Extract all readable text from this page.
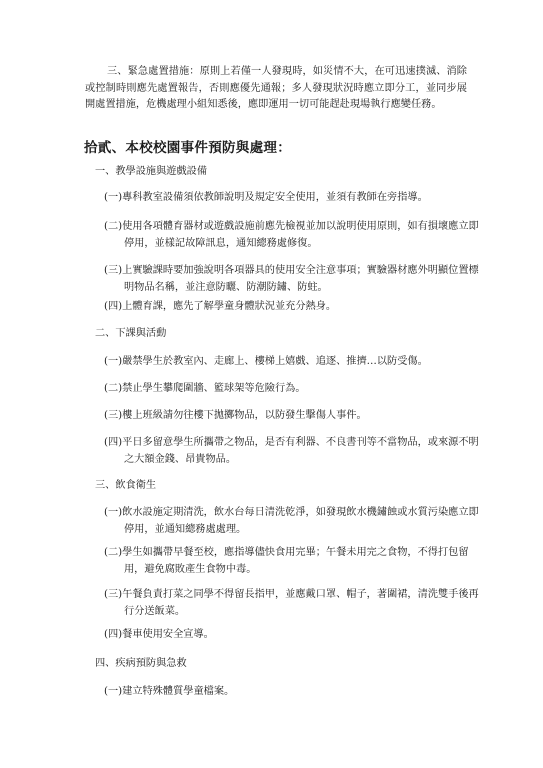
三、緊急處置措施：原則上若僅一人發現時，如災情不大，在可迅速撲滅、消除或控制時則應先處置報告，否則應優先通報；多人發現狀況時應立即分工，並同步展開處置措施，危機處理小組知悉後，應即運用一切可能趕赴現場執行應變任務。

拾貳、本校校園事件預防與處理：

一、教學設施與遊戲設備

(一)專科教室設備須依教師說明及規定安全使用，並須有教師在旁指導。

(二)使用各項體育器材或遊戲設施前應先檢視並加以說明使用原則，如有損壞應立即停用，並樣記故障訊息，通知總務處修復。

(三)上實驗課時要加強說明各項器具的使用安全注意事項；實驗器材應外明顯位置標明物品名稱，並注意防曬、防潮防鏽、防蛀。

(四)上體育課，應先了解學童身體狀況並充分熱身。

二、下課與活動

(一)嚴禁學生於教室內、走廊上、樓梯上嬉戲、追逐、推擠…以防受傷。

(二)禁止學生攀爬圍牆、籃球架等危險行為。

(三)樓上班級請勿往樓下拋擲物品，以防發生擊傷人事件。

(四)平日多留意學生所攜帶之物品，是否有利器、不良書刊等不當物品，或來源不明之大額金錢、昂貴物品。

三、飲食衛生

(一)飲水設施定期清洗，飲水台每日清洗乾淨，如發現飲水機鏽蝕或水質污染應立即停用，並通知總務處處理。

(二)學生如攜帶早餐至校，應指導儘快食用完畢；午餐未用完之食物，不得打包留用，避免腐敗產生食物中毒。

(三)午餐負責打菜之同學不得留長指甲，並應戴口罩、帽子，著圍裙，清洗雙手後再行分送飯菜。

(四)餐車使用安全宣導。

四、疾病預防與急救

(一)建立特殊體質學童檔案。
